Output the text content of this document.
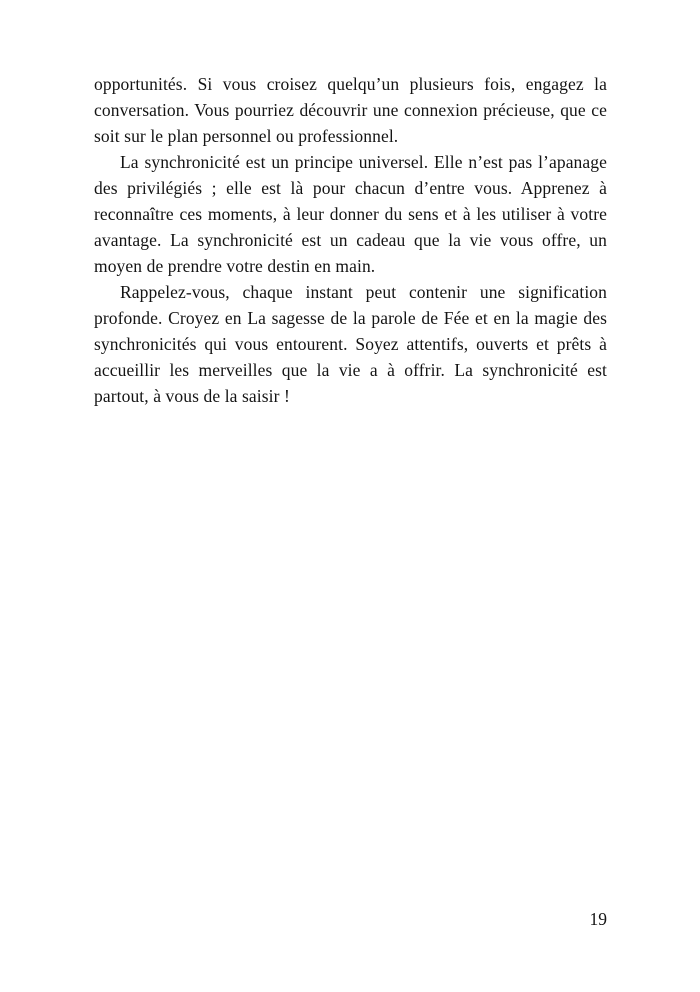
opportunités. Si vous croisez quelqu’un plusieurs fois, engagez la conversation. Vous pourriez découvrir une connexion précieuse, que ce soit sur le plan personnel ou professionnel.

La synchronicité est un principe universel. Elle n’est pas l’apanage des privilégiés ; elle est là pour chacun d’entre vous. Apprenez à reconnaître ces moments, à leur donner du sens et à les utiliser à votre avantage. La synchronicité est un cadeau que la vie vous offre, un moyen de prendre votre destin en main.

Rappelez-vous, chaque instant peut contenir une signification profonde. Croyez en La sagesse de la parole de Fée et en la magie des synchronicités qui vous entourent. Soyez attentifs, ouverts et prêts à accueillir les merveilles que la vie a à offrir. La synchronicité est partout, à vous de la saisir !

19
